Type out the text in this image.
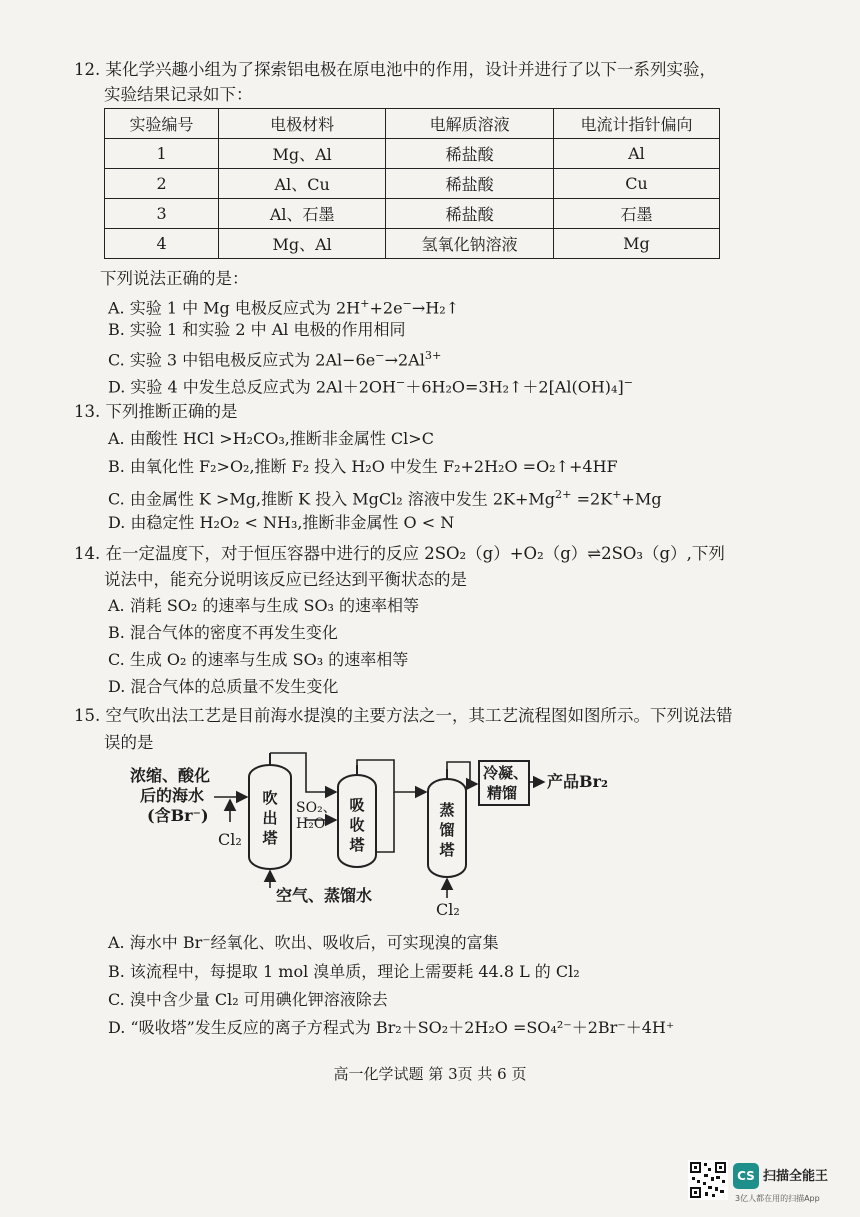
12. 某化学兴趣小组为了探索铝电极在原电池中的作用，设计并进行了以下一系列实验，
实验结果记录如下：
实验编号	电极材料	电解质溶液	电流计指针偏向
1	Mg、Al	稀盐酸	Al
2	Al、Cu	稀盐酸	Cu
3	Al、石墨	稀盐酸	石墨
4	Mg、Al	氢氧化钠溶液	Mg
下列说法正确的是：
A. 实验 1 中 Mg 电极反应式为 2H++2e−→H₂↑
B. 实验 1 和实验 2 中 Al 电极的作用相同
C. 实验 3 中铝电极反应式为 $2Al-6e^-\to 2Al^{3+}$
D. 实验 4 中发生总反应式为 2Al＋2OH−＋6H₂O=3H₂↑＋2[Al(OH)₄]−
13. 下列推断正确的是
A. 由酸性 HCl >H₂CO₃,推断非金属性 Cl>C
B. 由氧化性 F₂>O₂,推断 F₂ 投入 H₂O 中发生 F₂+2H₂O =O₂↑+4HF
C. 由金属性 K >Mg,推断 K 投入 MgCl₂ 溶液中发生 $2K+Mg^{2+} =2K^++Mg$
D. 由稳定性 H₂O₂ < NH₃,推断非金属性 O < N
14. 在一定温度下，对于恒压容器中进行的反应 2SO₂（g）+O₂（g）⇌2SO₃（g）,下列
说法中，能充分说明该反应已经达到平衡状态的是
A. 消耗 SO₂ 的速率与生成 SO₃ 的速率相等
B. 混合气体的密度不再发生变化
C. 生成 O₂ 的速率与生成 SO₃ 的速率相等
D. 混合气体的总质量不发生变化
15. 空气吹出法工艺是目前海水提溴的主要方法之一，其工艺流程图如图所示。下列说法错
误的是
浓缩、酸化
后的海水
(含Br⁻)
Cl₂
吹出塔
SO₂、H₂O
吸收塔
蒸馏塔
Cl₂
冷凝、
精馏
产品Br₂
空气、蒸馏水
A. 海水中 Br⁻经氧化、吹出、吸收后，可实现溴的富集
B. 该流程中，每提取 1 mol 溴单质，理论上需要耗 44.8 L 的 Cl₂
C. 溴中含少量 Cl₂ 可用碘化钾溶液除去
D. “吸收塔”发生反应的离子方程式为 Br₂＋SO₂＋2H₂O =SO₄²⁻＋2Br⁻＋4H⁺
高一化学试题 第 3页 共 6 页
CS 扫描全能王
3亿人都在用的扫描App
